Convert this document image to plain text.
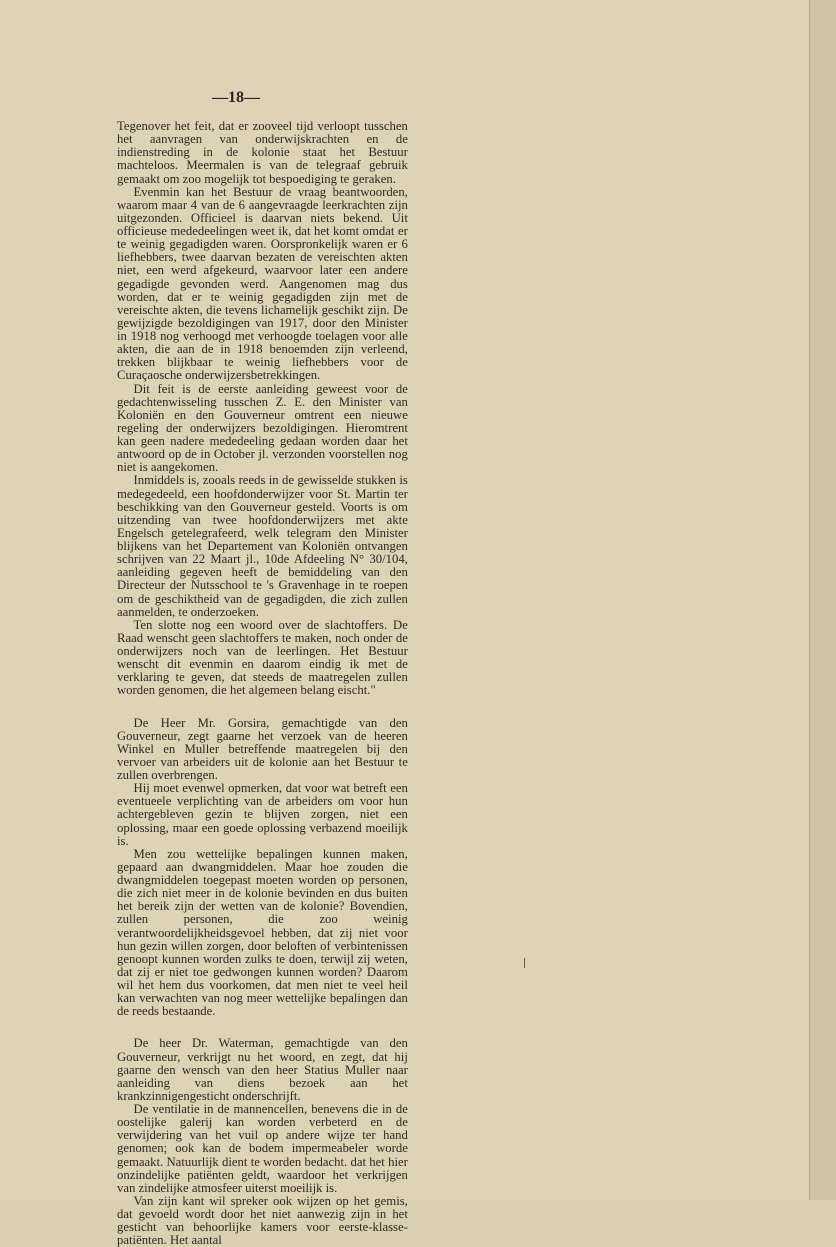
—18—

Tegenover het feit, dat er zooveel tijd verloopt tusschen het aanvragen van onderwijskrachten en de indienstreding in de kolonie staat het Bestuur machteloos. Meermalen is van de telegraaf gebruik gemaakt om zoo mogelijk tot bespoediging te geraken.

Evenmin kan het Bestuur de vraag beantwoorden, waarom maar 4 van de 6 aangevraagde leerkrachten zijn uitgezonden. Officieel is daarvan niets bekend. Uit officieuse mededeelingen weet ik, dat het komt omdat er te weinig gegadigden waren. Oorspronkelijk waren er 6 liefhebbers, twee daarvan bezaten de vereischten akten niet, een werd afgekeurd, waarvoor later een andere gegadigde gevonden werd. Aangenomen mag dus worden, dat er te weinig gegadigden zijn met de vereischte akten, die tevens lichamelijk geschikt zijn. De gewijzigde bezoldigingen van 1917, door den Minister in 1918 nog verhoogd met verhoogde toelagen voor alle akten, die aan de in 1918 benoemden zijn verleend, trekken blijkbaar te weinig liefhebbers voor de Curaçaosche onderwijzersbetrekkingen.

Dit feit is de eerste aanleiding geweest voor de gedachtenwisseling tusschen Z. E. den Minister van Koloniën en den Gouverneur omtrent een nieuwe regeling der onderwijzers bezoldigingen. Hieromtrent kan geen nadere mededeeling gedaan worden daar het antwoord op de in October jl. verzonden voorstellen nog niet is aangekomen.

Inmiddels is, zooals reeds in de gewisselde stukken is medegedeeld, een hoofdonderwijzer voor St. Martin ter beschikking van den Gouverneur gesteld. Voorts is om uitzending van twee hoofdonderwijzers met akte Engelsch getelegrafeerd, welk telegram den Minister blijkens van het Departement van Koloniën ontvangen schrijven van 22 Maart jl., 10de Afdeeling N° 30/104, aanleiding gegeven heeft de bemiddeling van den Directeur der Nutsschool te 's Gravenhage in te roepen om de geschiktheid van de gegadigden, die zich zullen aanmelden, te onderzoeken.

Ten slotte nog een woord over de slachtoffers. De Raad wenscht geen slachtoffers te maken, noch onder de onderwijzers noch van de leerlingen. Het Bestuur wenscht dit evenmin en daarom eindig ik met de verklaring te geven, dat steeds de maatregelen zullen worden genomen, die het algemeen belang eischt."

De Heer Mr. Gorsira, gemachtigde van den Gouverneur, zegt gaarne het verzoek van de heeren Winkel en Muller betreffende maatregelen bij den vervoer van arbeiders uit de kolonie aan het Bestuur te zullen overbrengen.

Hij moet evenwel opmerken, dat voor wat betreft een eventueele verplichting van de arbeiders om voor hun achtergebleven gezin te blijven zorgen, niet een oplossing, maar een goede oplossing verbazend moeilijk is.

Men zou wettelijke bepalingen kunnen maken, gepaard aan dwangmiddelen. Maar hoe zouden die dwangmiddelen toegepast moeten worden op personen, die zich niet meer in de kolonie bevinden en dus buiten het bereik zijn der wetten van de kolonie? Bovendien, zullen personen, die zoo weinig verantwoordelijkheidsgevoel hebben, dat zij niet voor hun gezin willen zorgen, door beloften of verbintenissen genoopt kunnen worden zulks te doen, terwijl zij weten, dat zij er niet toe gedwongen kunnen worden? Daarom wil het hem dus voorkomen, dat men niet te veel heil kan verwachten van nog meer wettelijke bepalingen dan de reeds bestaande.

De heer Dr. Waterman, gemachtigde van den Gouverneur, verkrijgt nu het woord, en zegt, dat hij gaarne den wensch van den heer Statius Muller naar aanleiding van diens bezoek aan het krankzinnigengesticht onderschrijft.

De ventilatie in de mannencellen, benevens die in de oostelijke galerij kan worden verbeterd en de verwijdering van het vuil op andere wijze ter hand genomen; ook kan de bodem impermeabeler worde gemaakt. Natuurlijk dient te worden bedacht. dat het hier onzindelijke patiënten geldt, waardoor het verkrijgen van zindelijke atmosfeer uiterst moeilijk is.

Van zijn kant wil spreker ook wijzen op het gemis, dat gevoeld wordt door het niet aanwezig zijn in het gesticht van behoorlijke kamers voor eerste-klasse-patiënten. Het aantal
